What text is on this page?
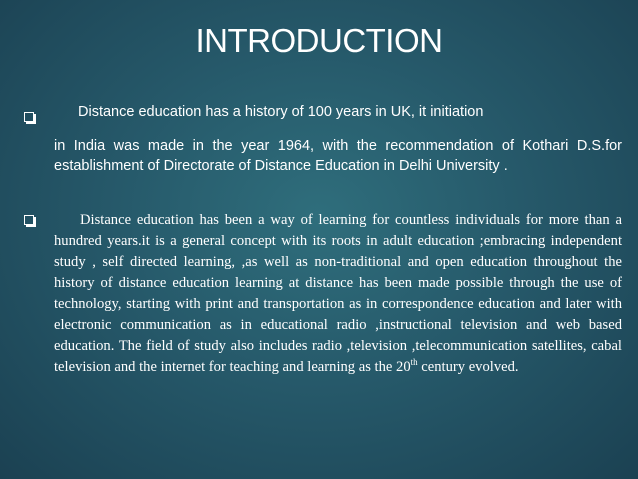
INTRODUCTION
Distance education has a history of 100 years in UK, it initiation
in India was made in the year 1964, with the recommendation of Kothari D.S.for establishment of Directorate of Distance Education in Delhi University .
Distance education has been a way of learning for countless individuals for more than a hundred years.it is a general concept with its roots in adult education ;embracing independent study , self directed learning, ,as well as non-traditional and open education throughout the history of distance education learning at distance has been made possible through the use of technology, starting with print and transportation as in correspondence education and later with electronic communication as in educational radio ,instructional television and web based education. The field of study also includes radio ,television ,telecommunication satellites, cabal television and the internet for teaching and learning as the 20th century evolved.
